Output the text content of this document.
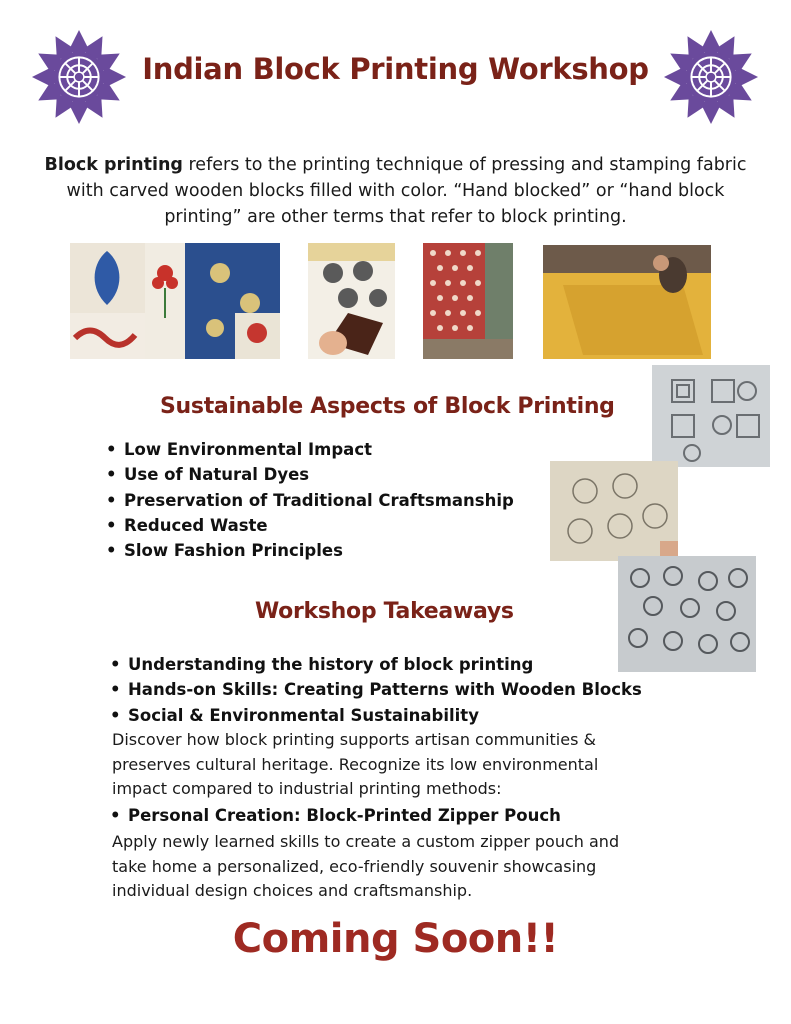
Indian Block Printing Workshop

Block printing refers to the printing technique of pressing and stamping fabric with carved wooden blocks filled with color. “Hand blocked” or “hand block printing” are other terms that refer to block printing.

Sustainable Aspects of Block Printing
• Low Environmental Impact
• Use of Natural Dyes
• Preservation of Traditional Craftsmanship
• Reduced Waste
• Slow Fashion Principles
Workshop Takeaways
• Understanding the history of block printing
• Hands-on Skills: Creating Patterns with Wooden Blocks
• Social & Environmental Sustainability

Discover how block printing supports artisan communities &
preserves cultural heritage. Recognize its low environmental
impact compared to industrial printing methods:

• Personal Creation: Block-Printed Zipper Pouch

Apply newly learned skills to create a custom zipper pouch and
take home a personalized, eco-friendly souvenir showcasing
individual design choices and craftsmanship.

Coming Soon!!
